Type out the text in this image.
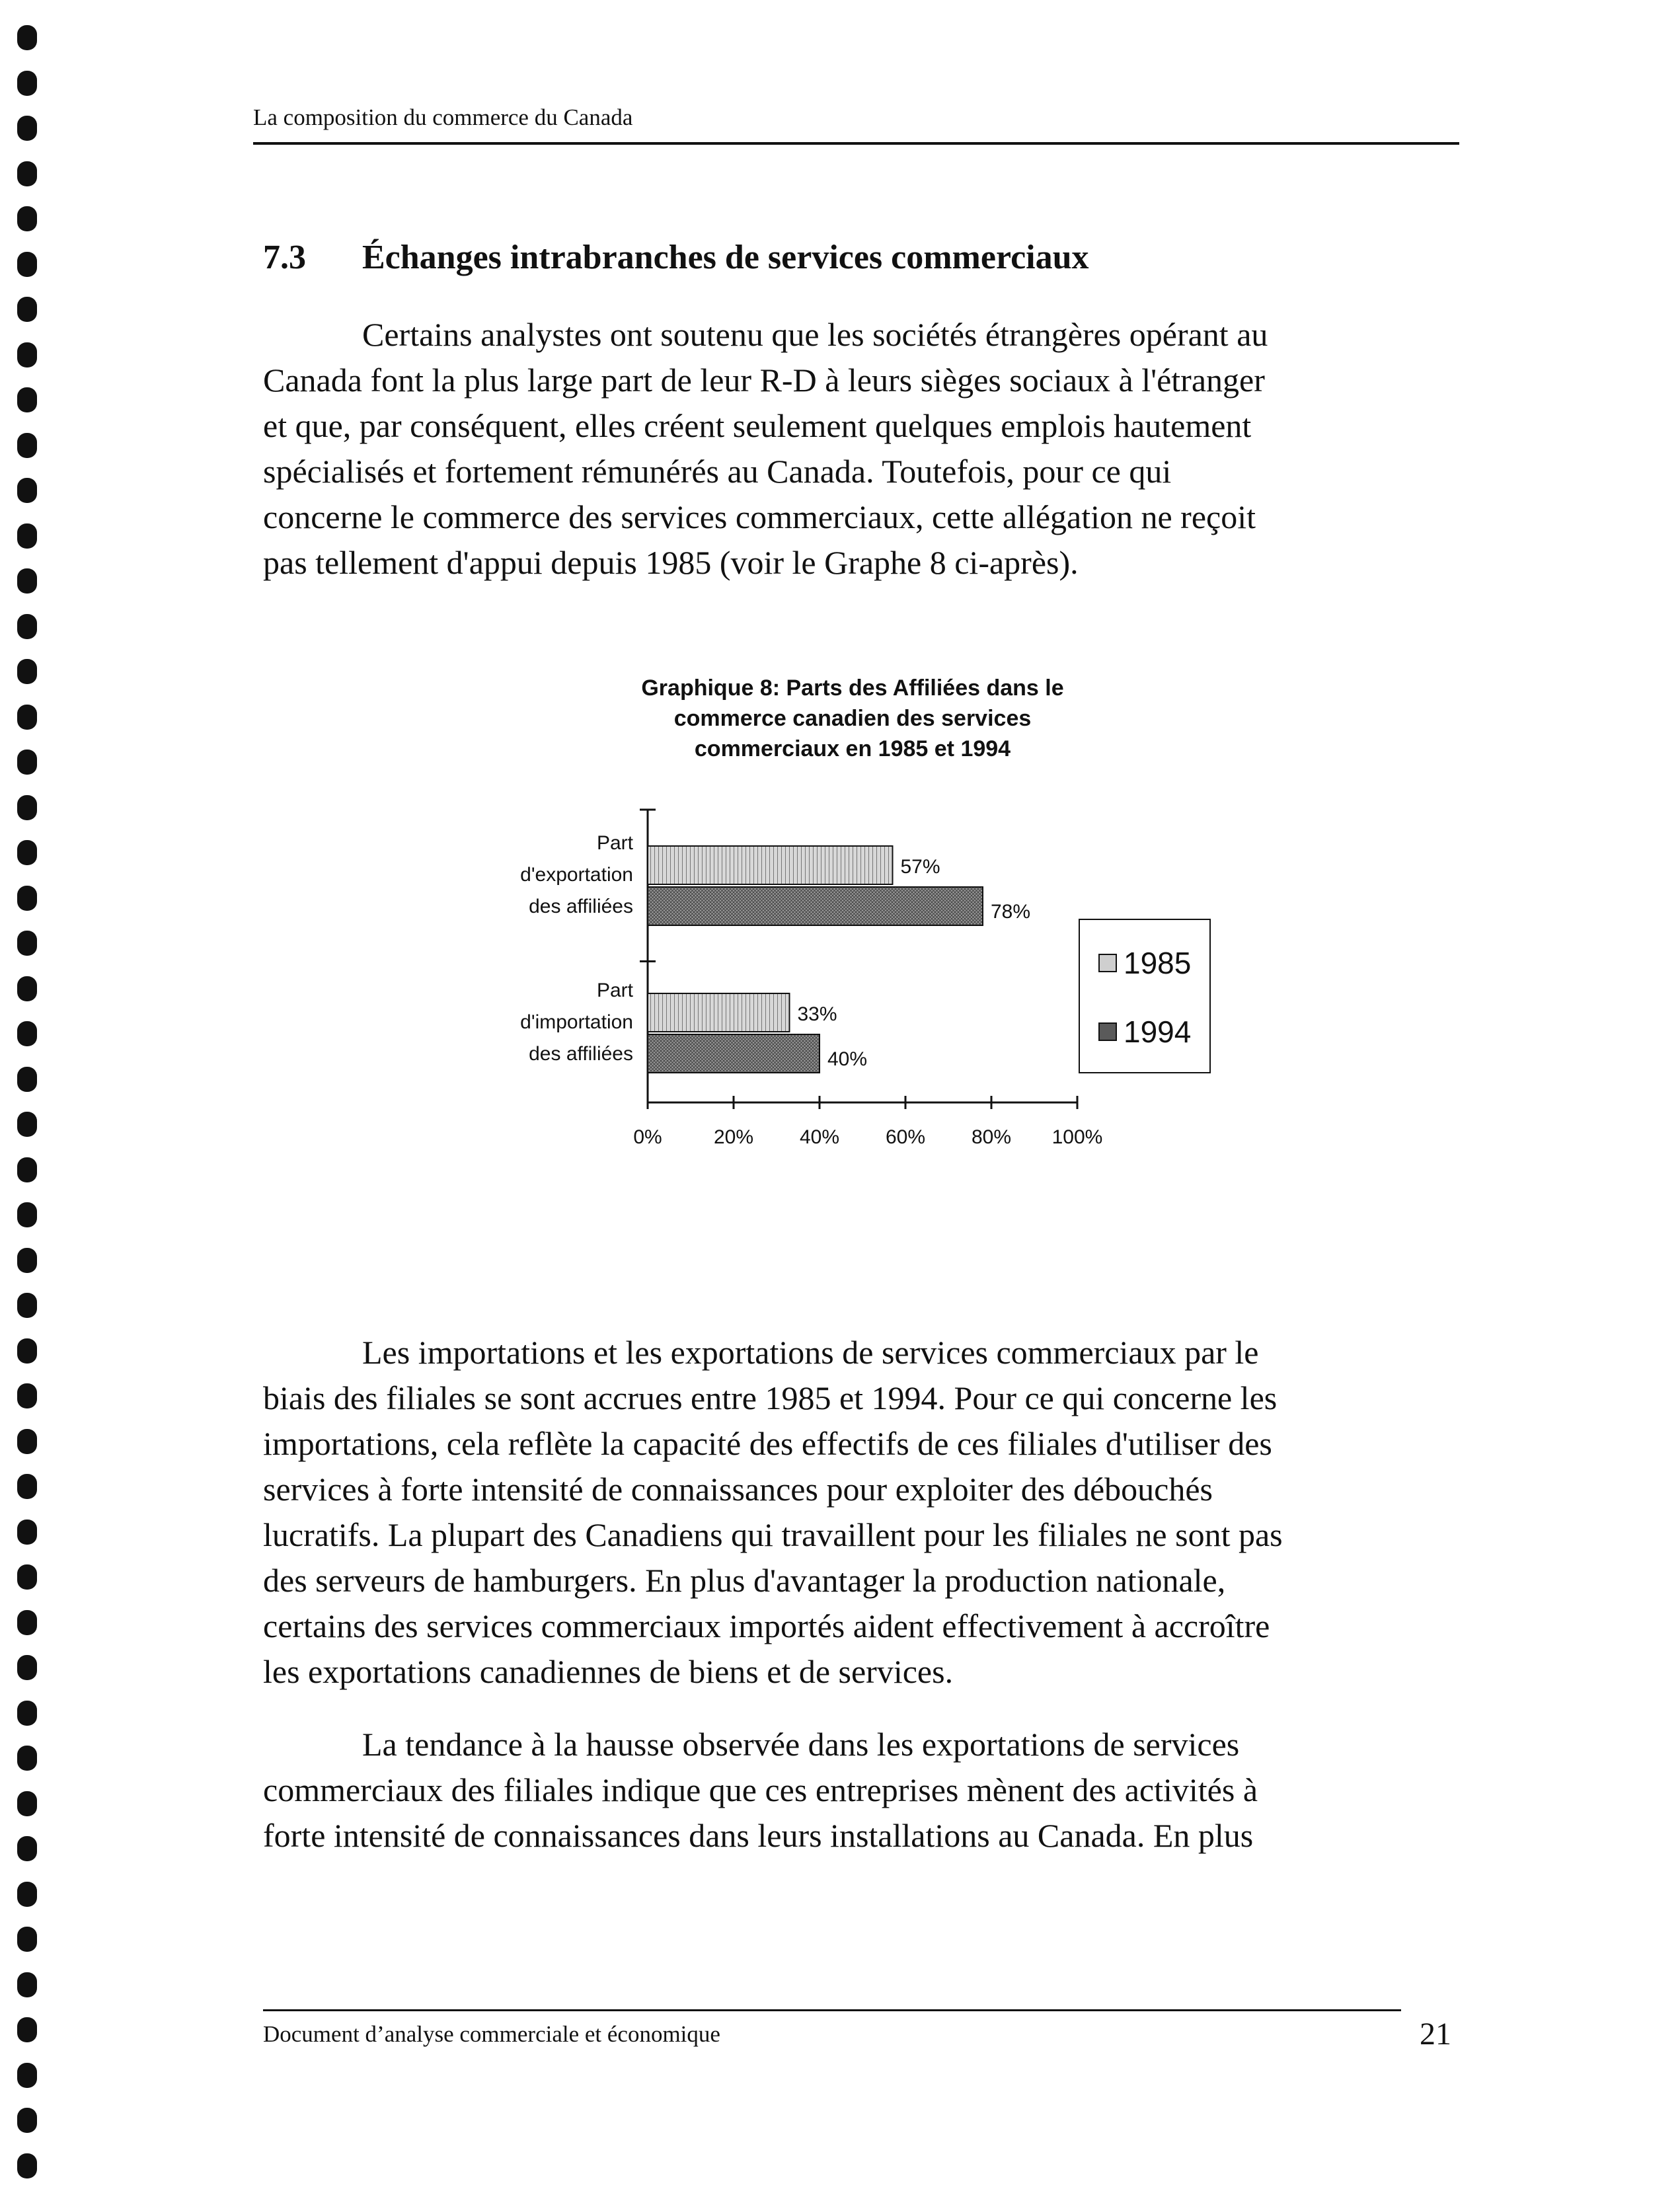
La composition du commerce du Canada
7.3 Échanges intrabranches de services commerciaux

Certains analystes ont soutenu que les sociétés étrangères opérant au
Canada font la plus large part de leur R-D à leurs sièges sociaux à l'étranger
et que, par conséquent, elles créent seulement quelques emplois hautement
spécialisés et fortement rémunérés au Canada. Toutefois, pour ce qui
concerne le commerce des services commerciaux, cette allégation ne reçoit
pas tellement d'appui depuis 1985 (voir le Graphe 8 ci-après).

Graphique 8: Parts des Affiliées dans le
commerce canadien des services
commerciaux en 1985 et 1994
0%	20% 40% 60% 80% 100%
Part
d'exportation
des affiliées
Part
d'importation
des affiliées
57%
33%
78%
40%
1985
1994

Les importations et les exportations de services commerciaux par le
biais des filiales se sont accrues entre 1985 et 1994. Pour ce qui concerne les
importations, cela reflète la capacité des effectifs de ces filiales d'utiliser des
services à forte intensité de connaissances pour exploiter des débouchés
lucratifs. La plupart des Canadiens qui travaillent pour les filiales ne sont pas
des serveurs de hamburgers. En plus d'avantager la production nationale,
certains des services commerciaux importés aident effectivement à accroître
les exportations canadiennes de biens et de services.

La tendance à la hausse observée dans les exportations de services
commerciaux des filiales indique que ces entreprises mènent des activités à
forte intensité de connaissances dans leurs installations au Canada. En plus

Document d’analyse commerciale et économique	21
